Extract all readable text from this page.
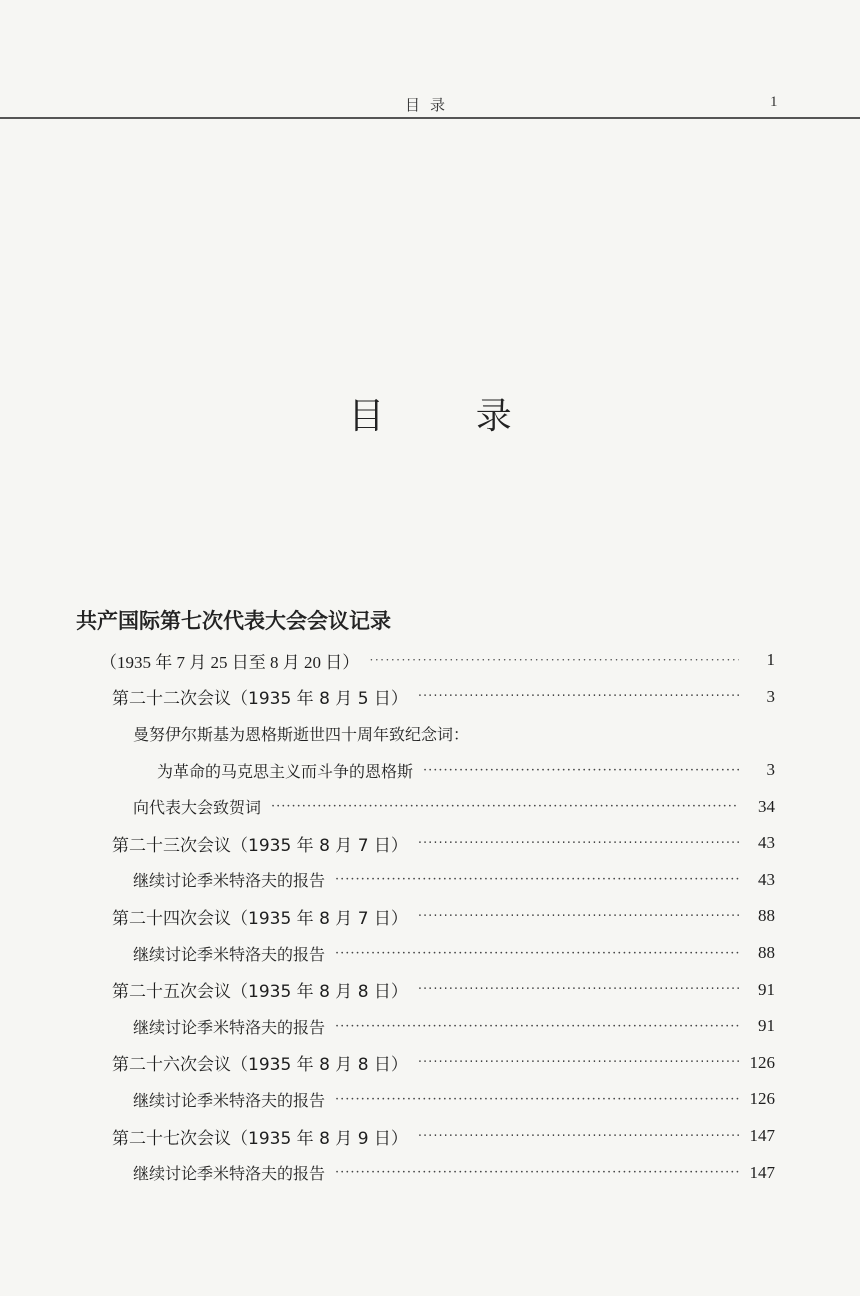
目录	1
目 录
共产国际第七次代表大会会议记录
（1935 年 7 月 25 日至 8 月 20 日） ·····	1
第二十二次会议（1935 年 8 月 5 日） ·····	3
曼努伊尔斯基为恩格斯逝世四十周年致纪念词：
为革命的马克思主义而斗争的恩格斯 ·····	3
向代表大会致贺词 ·····	34
第二十三次会议（1935 年 8 月 7 日） ·····	43
继续讨论季米特洛夫的报告 ·····	43
第二十四次会议（1935 年 8 月 7 日） ·····	88
继续讨论季米特洛夫的报告 ·····	88
第二十五次会议（1935 年 8 月 8 日） ·····	91
继续讨论季米特洛夫的报告 ·····	91
第二十六次会议（1935 年 8 月 8 日） ·····	126
继续讨论季米特洛夫的报告 ·····	126
第二十七次会议（1935 年 8 月 9 日） ·····	147
继续讨论季米特洛夫的报告 ·····	147
